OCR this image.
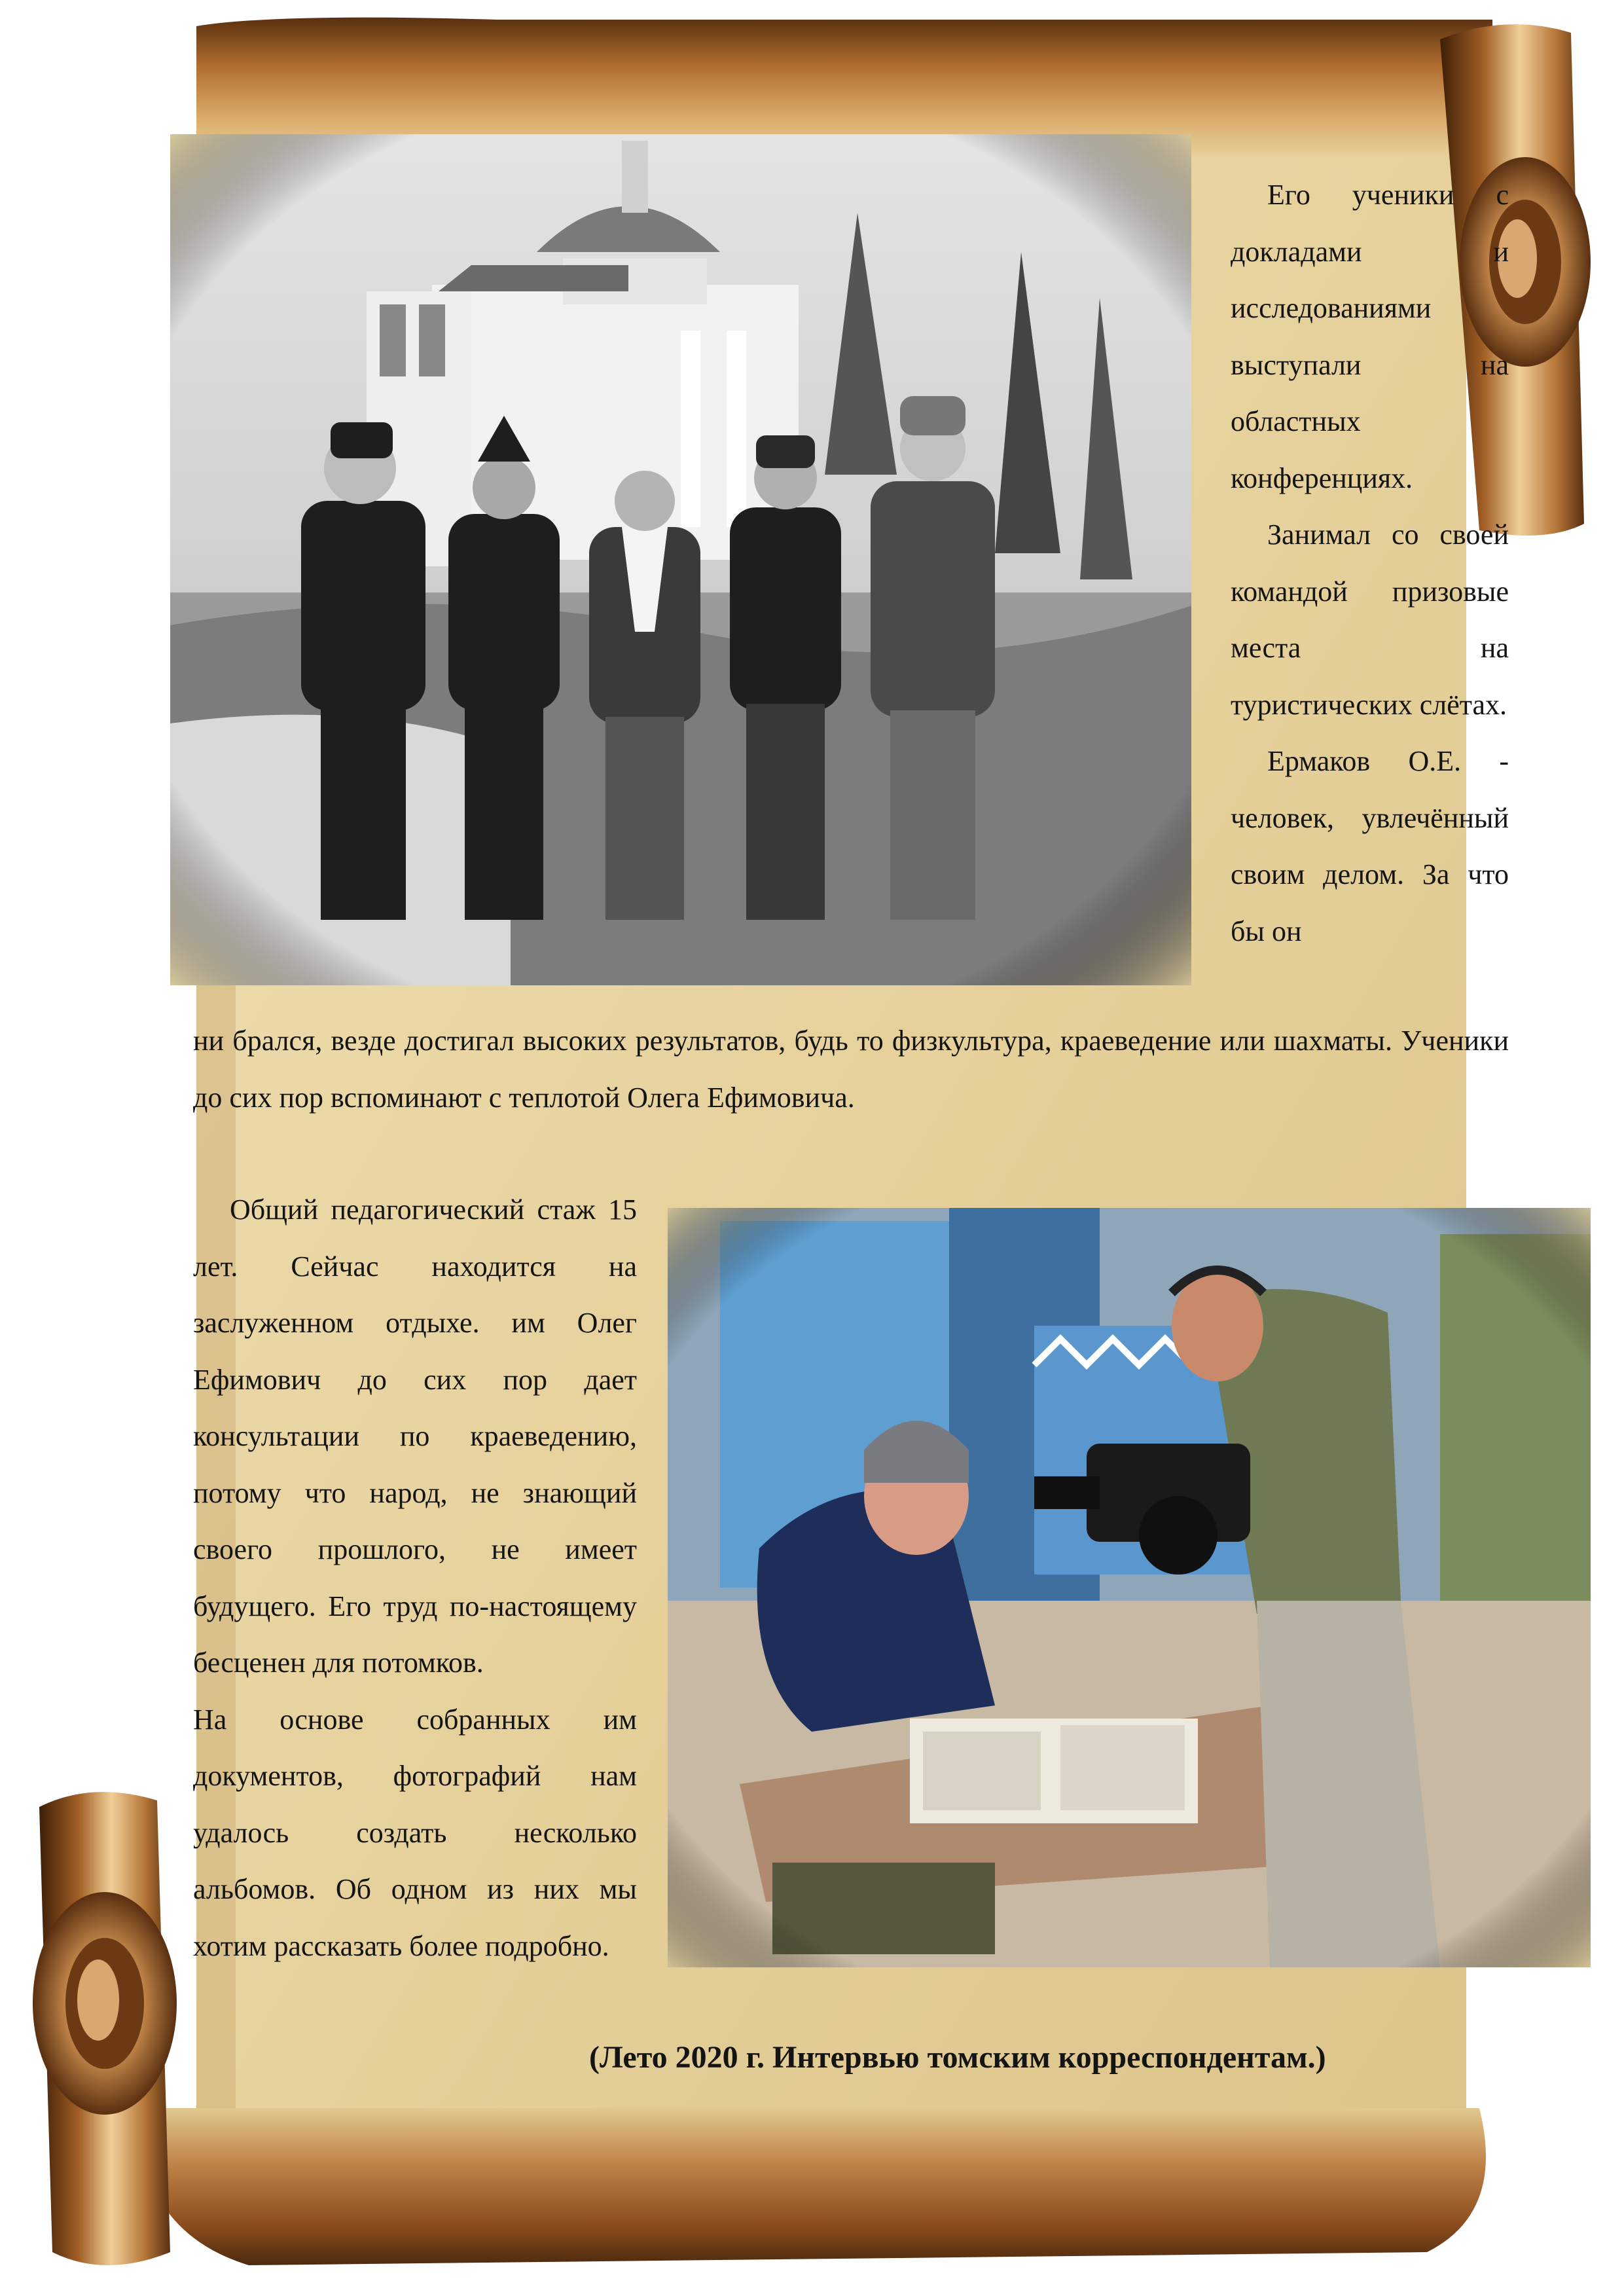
Его ученики с докладами и исследованиями выступали на областных конференциях.

Занимал со своей командой призовые места на туристических слётах.

Ермаков О.Е. - человек, увлечённый своим делом. За что бы он

ни брался, везде достигал высоких результатов, будь то физкультура, краеведение или шахматы. Ученики до сих пор вспоминают с теплотой Олега Ефимовича.

Общий педагогический стаж 15 лет. Сейчас находится на заслуженном отдыхе. им Олег Ефимович до сих пор дает консультации по краеведению, потому что народ, не знающий своего прошлого, не имеет будущего. Его труд по-настоящему бесценен для потомков.

На основе собранных им документов, фотографий нам удалось создать несколько альбомов. Об одном из них мы хотим рассказать более подробно.

(Лето 2020 г. Интервью томским корреспондентам.)
